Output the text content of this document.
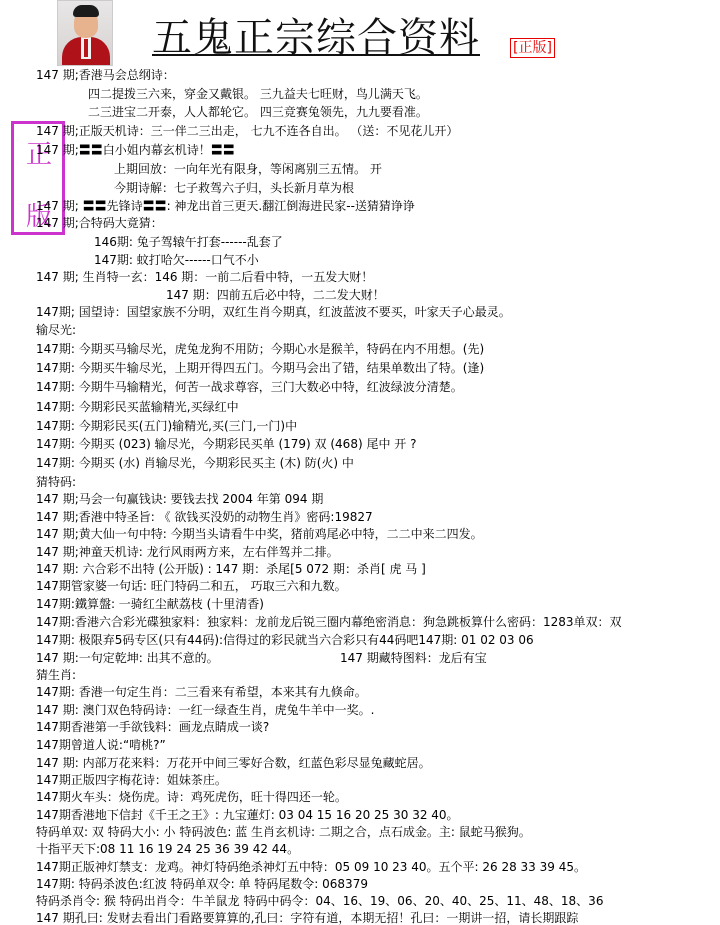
五鬼正宗综合资料 [正版]
正
版
147 期;香港马会总纲诗：
四二提拨三六来，穿金又戴银。 三九益夫七旺财，鸟儿满天飞。
二三进宝二开泰，人人都轮它。 四三竞赛兔领先，九九要看准。
147 期;正版天机诗：三一伴二三出走， 七九不连各自出。 （送：不见花儿开）
147 期;〓〓白小姐内幕玄机诗！〓〓
上期回放：一向年光有限身，等闲离别三五情。 开
今期诗解：七子救驾六子归，头长新月草为根
147 期; 〓〓先锋诗〓〓: 神龙出首三更天.翻江倒海进民家--送猜猜诤诤
147 期;合特码大竟猜：
146期: 兔子驾辕午打套------乱套了
147期: 蚊打哈欠------口气不小
147 期; 生肖特一玄：146 期：一前二后看中特，一五发大财！
147 期：四前五后必中特，二二发大财！
147期; 国望诗：国望家族不分明，双红生肖今期真，红波蓝波不要买，叶家天子心最灵。
输尽光:
147期: 今期买马输尽光，虎兔龙狗不用防；今期心水是猴羊，特码在内不用想。(先)
147期: 今期买牛输尽光，上期开得四五门。今期马会出了错，结果单数出了特。(逢)
147期: 今期牛马输精光，何苦一战求尊容，三门大数必中特，红波绿波分清楚。
147期: 今期彩民买蓝输精光,买绿红中
147期: 今期彩民买(五门)输精光,买(三门,一门)中
147期: 今期买 (023) 输尽光，今期彩民买单 (179) 双 (468) 尾中 开 ?
147期: 今期买 (水) 肖输尽光，今期彩民买主 (木) 防(火) 中
猜特码:
147 期;马会一句赢钱诀: 要钱去找 2004 年第 094 期
147 期;香港中特圣旨: 《 欲钱买没奶的动物生肖》密码:19827
147 期;黄大仙一句中特: 今期当头请看牛中奖，猪前鸡尾必中特，二二中来二四发。
147 期;神童天机诗: 龙行风雨两方来，左右伴驾并二排。
147 期: 六合彩不出特 (公开版) : 147 期：杀尾[5 072 期：杀肖[ 虎 马 ]
147期管家婆一句话: 旺门特码二和五， 巧取三六和九数。
147期:鐵算盤: 一骑红尘献荔枝 (十里清香)
147期:香港六合彩光碟独家料：独家料：龙前龙后锐三圈内幕绝密消息：狗急跳板算什么密码：1283单双：双
147期: 极限弃5码专区(只有44码):信得过的彩民就当六合彩只有44码吧147期: 01 02 03 06
147 期:一句定乾坤: 出其不意的。	147 期藏特图料：龙后有宝
猜生肖:
147期: 香港一句定生肖：二三看来有希望，本来其有九倏命。
147 期: 澳门双色特码诗：一红一绿查生肖，虎兔牛羊中一奖。.
147期香港第一手欲钱料：画龙点睛成一谈?
147期曾道人说:“啃桃?”
147 期: 内部万花来料：万花开中间三零好合数，红蓝色彩尽显兔藏蛇居。
147期正版四字梅花诗：姐妹茶庄。
147期火车头：烧伤虎。诗：鸡死虎伤，旺十得四还一轮。
147期香港地下信封《千王之王》: 九宝蓮灯: 03 04 15 16 20 25 30 32 40。
特码单双: 双 特码大小: 小 特码波色: 蓝 生肖玄机诗: 二期之合，点石成金。主: 鼠蛇马猴狗。
十指平天下:08 11 16 19 24 25 36 39 42 44。
147期正版神灯禁支：龙鸡。神灯特码绝杀神灯五中特：05 09 10 23 40。五个平: 26 28 33 39 45。
147期: 特码杀波色:红波 特码单双令: 单 特码尾数令: 068379
特码杀肖令: 猴 特码出肖令：牛羊鼠龙 特码中码令：04、16、19、06、20、40、25、11、48、18、36
147 期孔曰: 发财去看出门看路要算算的,孔曰：字符有道，本期无招！孔曰：一期讲一招，请长期跟踪
